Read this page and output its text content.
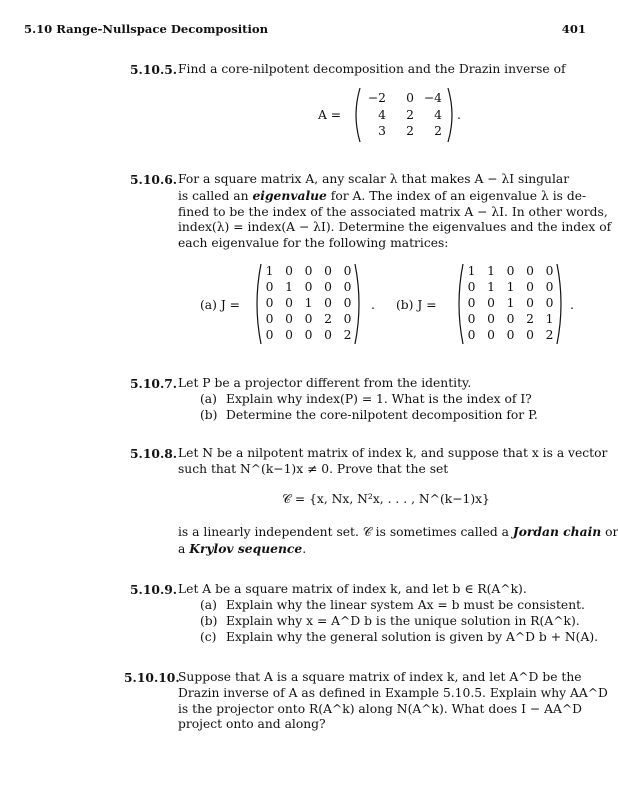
5.10 Range-Nullspace Decomposition	401
5.10.5. Find a core-nilpotent decomposition and the Drazin inverse of
A =
−2	0 −4
4	2	4
3	2	2
.
5.10.6. For a square matrix A, any scalar λ that makes A − λI singular
is called an eigenvalue for A. The index of an eigenvalue λ is de-
fined to be the index of the associated matrix A − λI. In other words,
index(λ) = index(A − λI). Determine the eigenvalues and the index of
each eigenvalue for the following matrices:
(a) J =
1 0 0 0 0
0 1 0 0 0
0 0 1 0 0
0 0 0 2 0
0 0 0 0 2
. (b) J =
1 1 0 0 0
0 1 1 0 0
0 0 1 0 0
0 0 0 2 1
0 0 0 0 2
.
5.10.7. Let P be a projector different from the identity.
(a) Explain why index(P) = 1. What is the index of I?
(b) Determine the core-nilpotent decomposition for P.
5.10.8. Let N be a nilpotent matrix of index k, and suppose that x is a vector
such that N^(k−1)x ≠ 0. Prove that the set
𝒞 = {x, Nx, N²x, . . . , N^(k−1)x}
is a linearly independent set. 𝒞 is sometimes called a Jordan chain or
a Krylov sequence.
5.10.9. Let A be a square matrix of index k, and let b ∈ R(A^k).
(a) Explain why the linear system Ax = b must be consistent.
(b) Explain why x = A^D b is the unique solution in R(A^k).
(c) Explain why the general solution is given by A^D b + N(A).
5.10.10.
Suppose that A is a square matrix of index k, and let A^D be the
Drazin inverse of A as defined in Example 5.10.5. Explain why AA^D
is the projector onto R(A^k) along N(A^k). What does I − AA^D
project onto and along?
